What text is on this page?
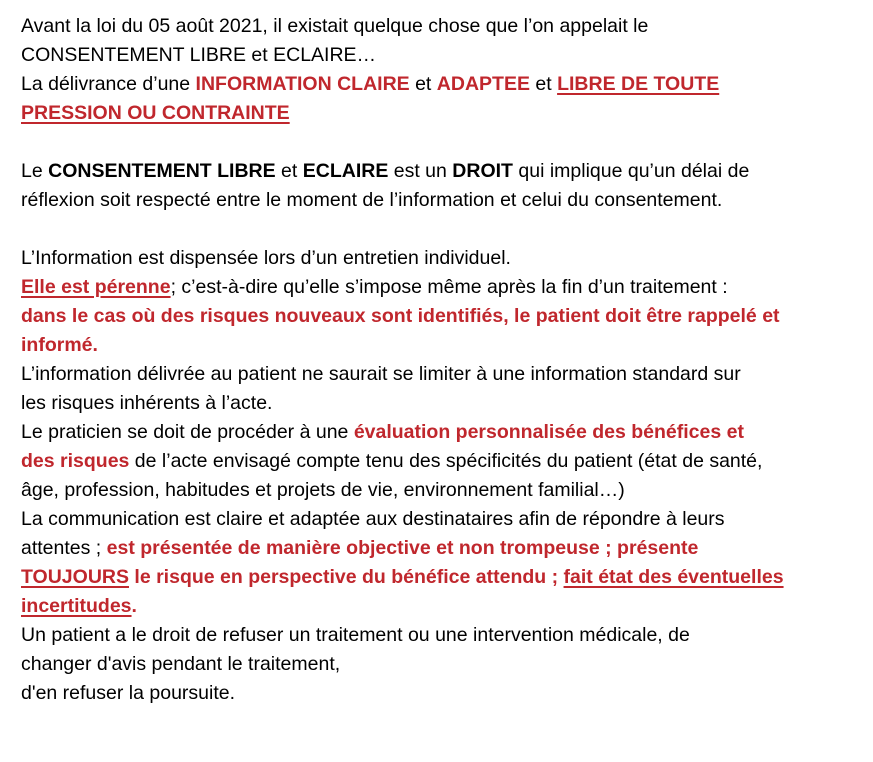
Avant la loi du 05 août 2021, il existait quelque chose que l’on appelait le
CONSENTEMENT LIBRE et ECLAIRE…
La délivrance d’une INFORMATION CLAIRE et ADAPTEE et LIBRE DE TOUTE
PRESSION OU CONTRAINTE
Le CONSENTEMENT LIBRE et ECLAIRE est un DROIT qui implique qu’un délai de
réflexion soit respecté entre le moment de l’information et celui du consentement.
L’Information est dispensée lors d’un entretien individuel.
Elle est pérenne; c’est-à-dire qu’elle s’impose même après la fin d’un traitement :
dans le cas où des risques nouveaux sont identifiés, le patient doit être rappelé et
informé.
L’information délivrée au patient ne saurait se limiter à une information standard sur
les risques inhérents à l’acte.
Le praticien se doit de procéder à une évaluation personnalisée des bénéfices et
des risques de l’acte envisagé compte tenu des spécificités du patient (état de santé,
âge, profession, habitudes et projets de vie, environnement familial…)
La communication est claire et adaptée aux destinataires afin de répondre à leurs
attentes ; est présentée de manière objective et non trompeuse ; présente
TOUJOURS le risque en perspective du bénéfice attendu ; fait état des éventuelles
incertitudes.
Un patient a le droit de refuser un traitement ou une intervention médicale, de
changer d'avis pendant le traitement,
d'en refuser la poursuite.
